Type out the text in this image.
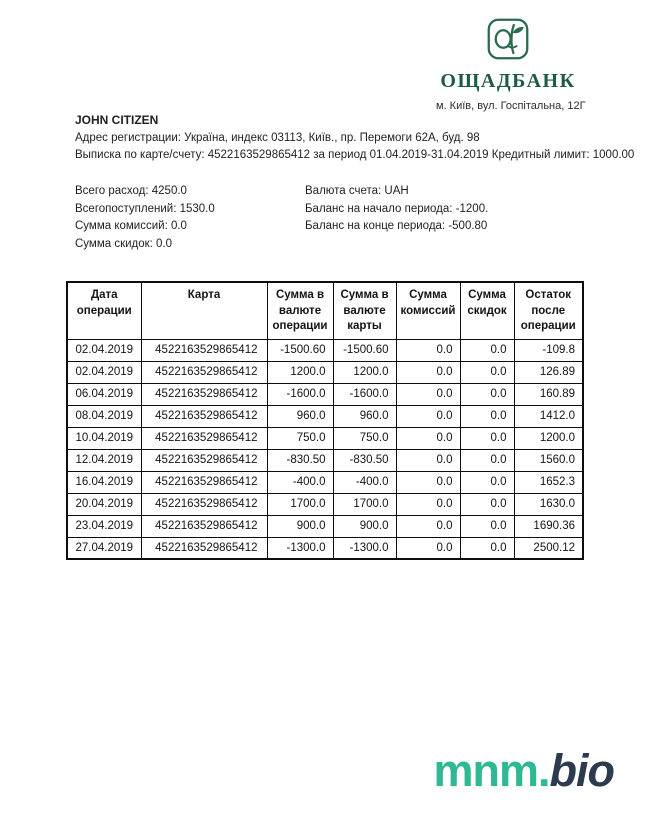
ОЩАДБАНК
м. Київ, вул. Госпітальна, 12Г
JOHN CITIZEN
Адрес регистрации: Україна, индекс 03113, Київ., пр. Перемоги 62А, буд. 98
Выписка по карте/счету: 4522163529865412 за период 01.04.2019-31.04.2019 Кредитный лимит: 1000.00
Всего расход: 4250.0
Всегопоступлений: 1530.0
Сумма комиссий: 0.0
Сумма скидок: 0.0
Валюта счета: UAH
Баланс на начало периода: -1200.
Баланс на конце периода: -500.80
Дата операции	Карта	Сумма в валюте операции	Сумма в валюте карты	Сумма комиссий	Сумма скидок	Остаток после операции
02.04.2019	4522163529865412	-1500.60	-1500.60	0.0	0.0	-109.8
02.04.2019	4522163529865412	1200.0	1200.0	0.0	0.0	126.89
06.04.2019	4522163529865412	-1600.0	-1600.0	0.0	0.0	160.89
08.04.2019	4522163529865412	960.0	960.0	0.0	0.0	1412.0
10.04.2019	4522163529865412	750.0	750.0	0.0	0.0	1200.0
12.04.2019	4522163529865412	-830.50	-830.50	0.0	0.0	1560.0
16.04.2019	4522163529865412	-400.0	-400.0	0.0	0.0	1652.3
20.04.2019	4522163529865412	1700.0	1700.0	0.0	0.0	1630.0
23.04.2019	4522163529865412	900.0	900.0	0.0	0.0	1690.36
27.04.2019	4522163529865412	-1300.0	-1300.0	0.0	0.0	2500.12
mnm.bio
